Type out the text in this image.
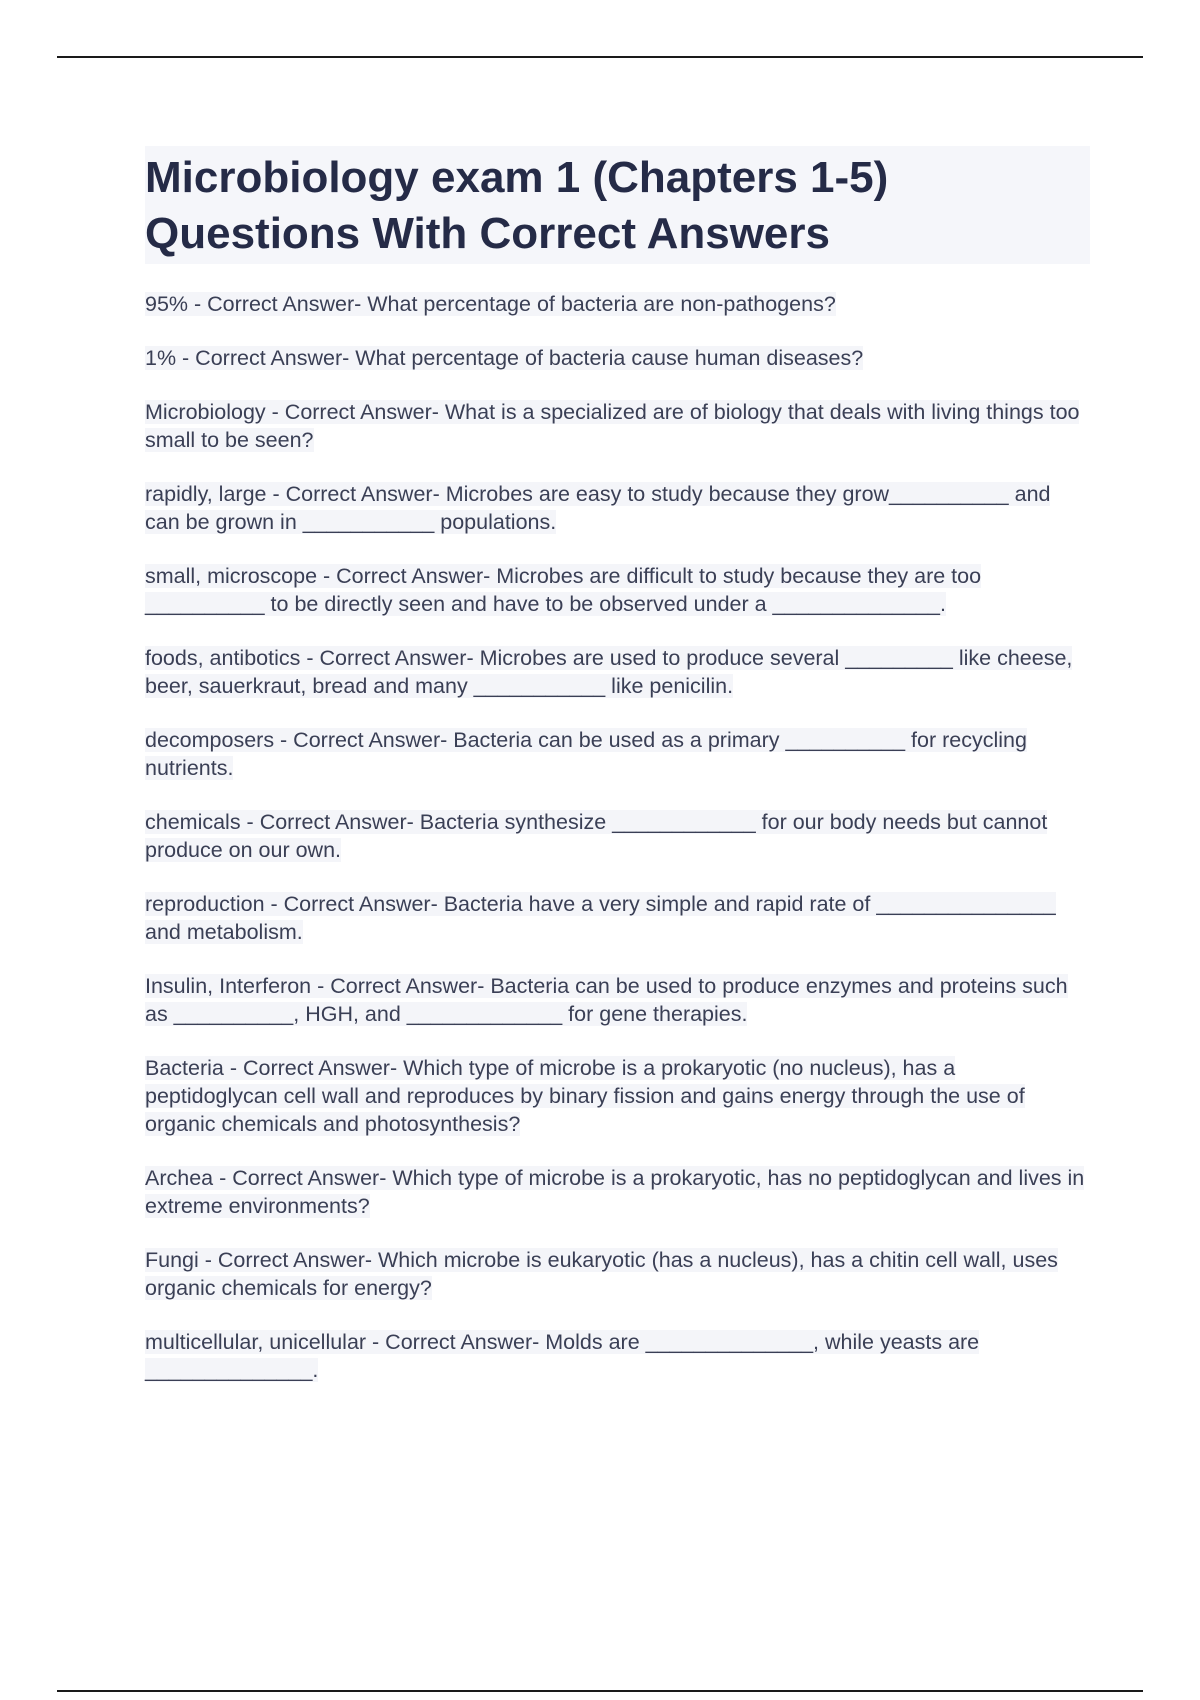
Microbiology exam 1 (Chapters 1-5)
Questions With Correct Answers
95% - Correct Answer- What percentage of bacteria are non-pathogens?
1% - Correct Answer- What percentage of bacteria cause human diseases?
Microbiology - Correct Answer- What is a specialized are of biology that deals with living things too small to be seen?
rapidly, large - Correct Answer- Microbes are easy to study because they grow__________ and can be grown in ___________ populations.
small, microscope - Correct Answer- Microbes are difficult to study because they are too __________ to be directly seen and have to be observed under a ______________.
foods, antibotics - Correct Answer- Microbes are used to produce several _________ like cheese, beer, sauerkraut, bread and many ___________ like penicilin.
decomposers - Correct Answer- Bacteria can be used as a primary __________ for recycling nutrients.
chemicals - Correct Answer- Bacteria synthesize ____________ for our body needs but cannot produce on our own.
reproduction - Correct Answer- Bacteria have a very simple and rapid rate of _______________ and metabolism.
Insulin, Interferon - Correct Answer- Bacteria can be used to produce enzymes and proteins such as __________, HGH, and _____________ for gene therapies.
Bacteria - Correct Answer- Which type of microbe is a prokaryotic (no nucleus), has a peptidoglycan cell wall and reproduces by binary fission and gains energy through the use of organic chemicals and photosynthesis?
Archea - Correct Answer- Which type of microbe is a prokaryotic, has no peptidoglycan and lives in extreme environments?
Fungi - Correct Answer- Which microbe is eukaryotic (has a nucleus), has a chitin cell wall, uses organic chemicals for energy?
multicellular, unicellular - Correct Answer- Molds are ______________, while yeasts are ______________.
